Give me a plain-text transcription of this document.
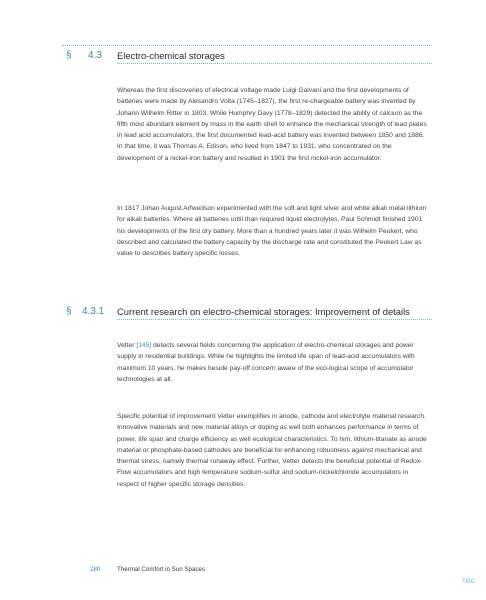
§ 4.3 Electro-chemical storages

Whereas the first discoveries of electrical voltage made Luigi Galvani and the first developments of batteries were made by Alesandro Volta (1745–1827), the first re-chargeable battery was invented by Johann Wilhelm Ritter in 1803. While Humphry Davy (1778–1829) detected the ability of calcium as the fifth most abundant element by mass in the earth shell to enhance the mechanical strength of lead plates in lead acid accumulators, the first documented lead-acid battery was invented between 1850 and 1886. In that time, it was Thomas A. Edison, who lived from 1847 to 1931, who concentrated on the development of a nickel-iron battery and resulted in 1901 the first nickel-iron accumulator.

In 1817 Johan August Arfwedson experimented with the soft and light silver and white alkali metal lithium for alkali batteries. Where all batteries until than required liquid electrolytes, Paul Schmidt finished 1901 his developments of the first dry battery. More than a hundred years later it was Wilhelm Peukert, who described and calculated the battery capacity by the discharge rate and constituted the Peukert Law as value to describes battery specific losses.

§ 4.3.1 Current research on electro-chemical storages: Improvement of details

Vetter [145] detects several fields concerning the application of electro-chemical storages and power supply in residential buildings. While he highlights the limited life span of lead-acid accumulators with maximum 10 years, he makes beside pay-off concern aware of the eco-logical scope of accumulator technologies at all.

Specific potential of improvement Vetter exemplifies in anode, cathode and electrolyte material research. Innovative materials and new material alloys or doping as well both enhances performance in terms of power, life span and charge efficiency as well ecological characteristics. To him, lithium-titanate as anode material or phosphate-based cathodes are beneficial for enhancing robustness against mechanical and thermal stress, namely thermal runaway effect. Further, Vetter detects the beneficial potential of Redox-Flow accumulators and high temperature sodium-sulfur and sodium-nickelchloride accumulators in respect of higher specific storage densities.

280	Thermal Comfort in Sun Spaces
TOC
